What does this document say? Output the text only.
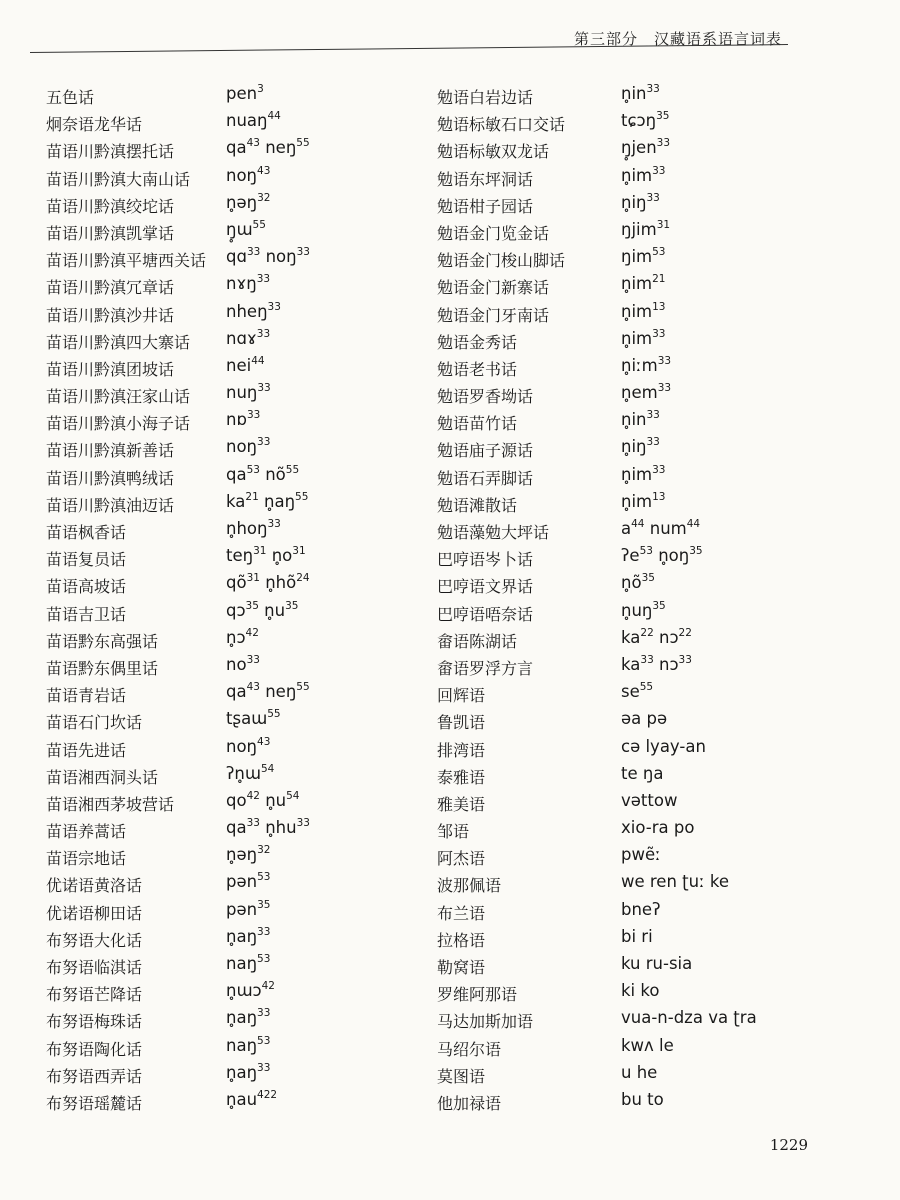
第三部分　汉藏语系语言词表
五色话	pen$^3$
炯奈语龙华话	nuaŋ$^{44}$
苗语川黔滇摆托话	$qa^{43}$ neŋ$^{55}$
苗语川黔滇大南山话 noŋ$^{43}$
苗语川黔滇绞坨话	n̥əŋ$^{32}$
苗语川黔滇凯掌话	ŋ̥ɯ$^{55}$
苗语川黔滇平塘西关话 qɑ$^{33}$ noŋ$^{33}$
苗语川黔滇冗章话	nɤŋ$^{33}$
苗语川黔滇沙井话	nheŋ$^{33}$
苗语川黔滇四大寨话 nɑɤ$^{33}$
苗语川黔滇团坡话	nei$^{44}$
苗语川黔滇汪家山话 nuŋ$^{33}$
苗语川黔滇小海子话 nɒ$^{33}$
苗语川黔滇新善话	noŋ$^{33}$
苗语川黔滇鸭绒话	$qa^{53}$ $nõ^{55}$
苗语川黔滇油迈话	$ka^{21}$ $n̥aŋ^{55}$
苗语枫香话	n̥hoŋ$^{33}$
苗语复员话	teŋ$^{31}$ $n̥o^{31}$
苗语高坡话	$qõ^{31}$ $n̥hõ^{24}$
苗语吉卫话	qɔ$^{35}$ $n̥u^{35}$
苗语黔东高强话	n̥ɔ$^{42}$
苗语黔东偶里话	$no^{33}$
苗语青岩话	$qa^{43}$ neŋ$^{55}$
苗语石门坎话	tʂaɯ$^{55}$
苗语先进话	noŋ$^{43}$
苗语湘西洞头话	ʔn̥ɯ$^{54}$
苗语湘西茅坡营话	$qo^{42}$ $n̥u^{54}$
苗语养蒿话	$qa^{33}$ $n̥hu^{33}$
苗语宗地话	n̥əŋ$^{32}$
优诺语黄洛话	pən$^{53}$
优诺语柳田话	pən$^{35}$
布努语大化话	$n̥aŋ^{33}$
布努语临淇话	naŋ$^{53}$
布努语芒降话	n̥ɯɔ$^{42}$
布努语梅珠话	$n̥aŋ^{33}$
布努语陶化话	naŋ$^{53}$
布努语西弄话	$n̥aŋ^{33}$
布努语瑶麓话	$n̥au^{422}$
勉语白岩边话	$n̥in^{33}$
勉语标敏石口交话	tɕɔŋ$^{35}$
勉语标敏双龙话	ŋ̥jen$^{33}$
勉语东坪洞话	$n̥im^{33}$
勉语柑子园话	$n̥iŋ^{33}$
勉语金门览金话	ŋjim$^{31}$
勉语金门梭山脚话	ŋim$^{53}$
勉语金门新寨话	$n̥im^{21}$
勉语金门牙南话	$n̥im^{13}$
勉语金秀话	$n̥im^{33}$
勉语老书话	n̥iːm$^{33}$
勉语罗香坳话	$n̥em^{33}$
勉语苗竹话	$n̥in^{33}$
勉语庙子源话	$n̥iŋ^{33}$
勉语石弄脚话	$n̥im^{33}$
勉语滩散话	$n̥im^{13}$
勉语藻勉大坪话	$a^{44}$ num$^{44}$
巴哼语岑卜话	ʔe$^{53}$ $n̥oŋ^{35}$
巴哼语文界话	$n̥õ^{35}$
巴哼语唔奈话	$n̥uŋ^{35}$
畲语陈湖话	$ka^{22}$ nɔ$^{22}$
畲语罗浮方言	$ka^{33}$ nɔ$^{33}$
回辉语	$se^{55}$
鲁凯语	əa pə
排湾语	cə lyay-an
泰雅语	te ŋa
雅美语	vəttow
邹语	xio-ra po
阿杰语	pwẽː
波那佩语	we ren ʈuː ke
布兰语	bneʔ
拉格语	bi ri
勒窝语	ku ru-sia
罗维阿那语	ki ko
马达加斯加语	vua-n-dza va ʈra
马绍尔语	kwʌ le
莫图语	u he
他加禄语	bu to
1229
